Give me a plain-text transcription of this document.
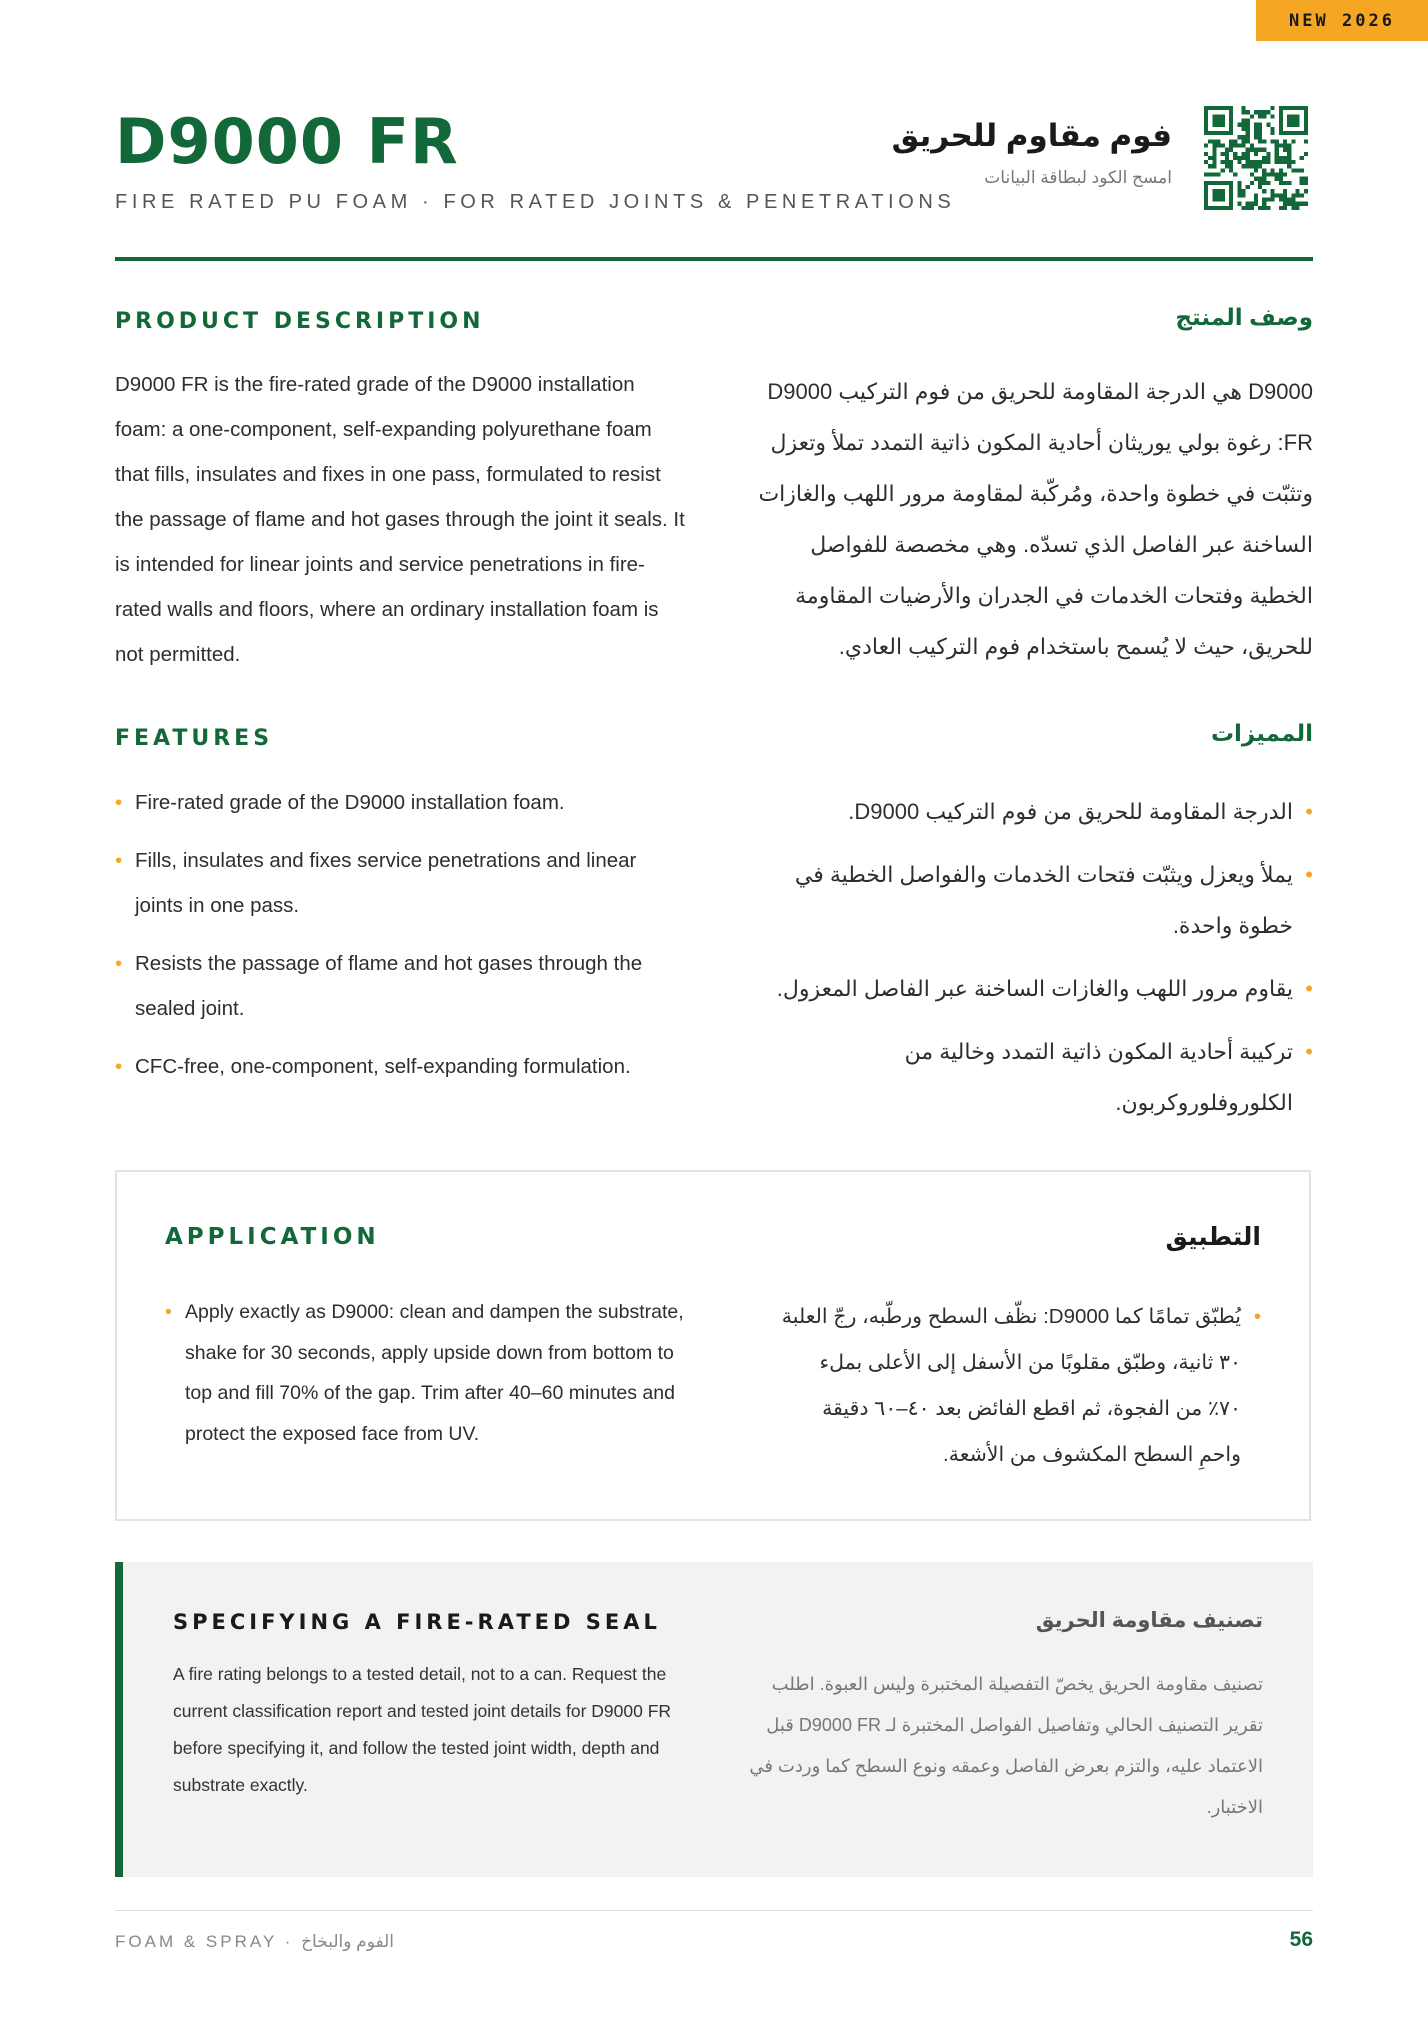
NEW 2026
D9000 FR
FIRE RATED PU FOAM · FOR RATED JOINTS & PENETRATIONS
فوم مقاوم للحريق
امسح الكود لبطاقة البيانات
PRODUCT DESCRIPTION	وصف المنتج

D9000 FR is the fire-rated grade of the D9000 installation foam: a one-component, self-expanding polyurethane foam that fills, insulates and fixes in one pass, formulated to resist the passage of flame and hot gases through the joint it seals. It is intended for linear joints and service penetrations in fire-rated walls and floors, where an ordinary installation foam is not permitted.

D9000 هي الدرجة المقاومة للحريق من فوم التركيب D9000 FR: رغوة بولي يوريثان أحادية المكون ذاتية التمدد تملأ وتعزل وتثبّت في خطوة واحدة، ومُركّبة لمقاومة مرور اللهب والغازات الساخنة عبر الفاصل الذي تسدّه. وهي مخصصة للفواصل الخطية وفتحات الخدمات في الجدران والأرضيات المقاومة للحريق، حيث لا يُسمح باستخدام فوم التركيب العادي.

FEATURES	المميزات
• Fire-rated grade of the D9000 installation foam.
• Fills, insulates and fixes service penetrations and linear joints in one pass.
• Resists the passage of flame and hot gases through the sealed joint.
• CFC-free, one-component, self-expanding formulation.
• الدرجة المقاومة للحريق من فوم التركيب D9000.
• يملأ ويعزل ويثبّت فتحات الخدمات والفواصل الخطية في خطوة واحدة.
• يقاوم مرور اللهب والغازات الساخنة عبر الفاصل المعزول.
• تركيبة أحادية المكون ذاتية التمدد وخالية من الكلوروفلوروكربون.
APPLICATION	التطبيق
• Apply exactly as D9000: clean and dampen the substrate, shake for 30 seconds, apply upside down from bottom to top and fill 70% of the gap. Trim after 40–60 minutes and protect the exposed face from UV.
• يُطبّق تمامًا كما D9000: نظّف السطح ورطّبه، رجّ العلبة ٣٠ ثانية، وطبّق مقلوبًا من الأسفل إلى الأعلى بملء ٧٠٪ من الفجوة، ثم اقطع الفائض بعد ٤٠–٦٠ دقيقة واحمِ السطح المكشوف من الأشعة.
SPECIFYING A FIRE-RATED SEAL	تصنيف مقاومة الحريق

A fire rating belongs to a tested detail, not to a can. Request the current classification report and tested joint details for D9000 FR before specifying it, and follow the tested joint width, depth and substrate exactly.

تصنيف مقاومة الحريق يخصّ التفصيلة المختبرة وليس العبوة. اطلب تقرير التصنيف الحالي وتفاصيل الفواصل المختبرة لـ D9000 FR قبل الاعتماد عليه، والتزم بعرض الفاصل وعمقه ونوع السطح كما وردت في الاختبار.

FOAM & SPRAY · الفوم والبخاخ	56
